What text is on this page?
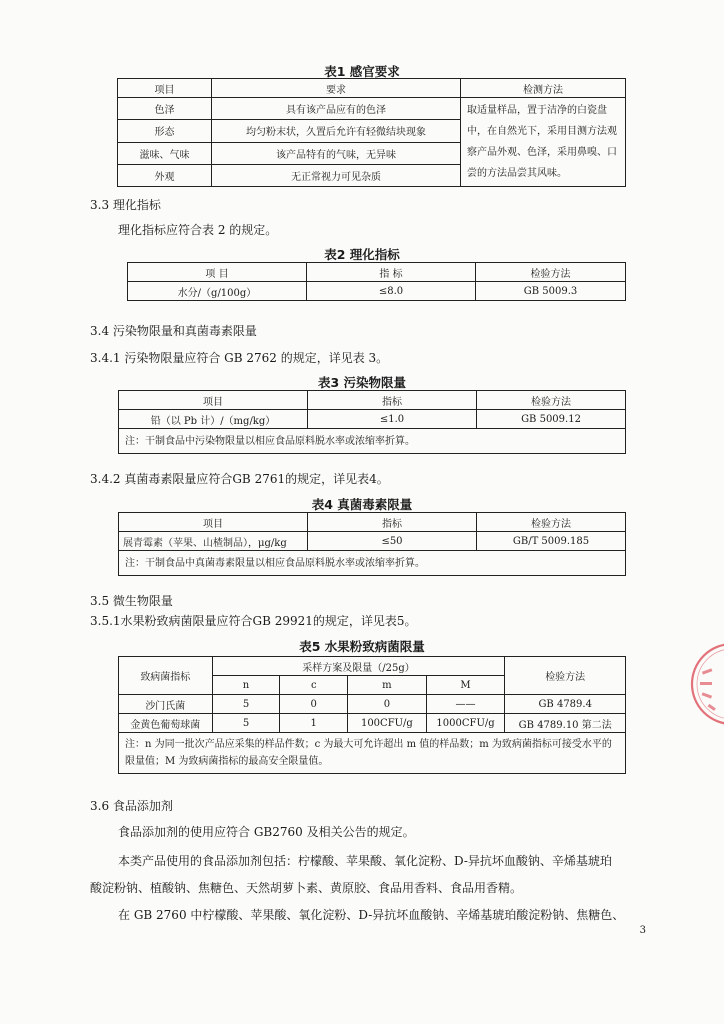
表1 感官要求
项目	要求	检测方法
色泽	具有该产品应有的色泽	取适量样品，置于洁净的白瓷盘中，在自然光下，采用目测方法观察产品外观、色泽，采用鼻嗅、口尝的方法品尝其风味。
形态	均匀粉末状，久置后允许有轻微结块现象	
滋味、气味	该产品特有的气味，无异味	
外观	无正常视力可见杂质	
3.3 理化指标
理化指标应符合表 2 的规定。
表2 理化指标
项 目	指 标	检验方法
水分/（g/100g）	≤8.0	GB 5009.3
3.4 污染物限量和真菌毒素限量
3.4.1 污染物限量应符合 GB 2762 的规定，详见表 3。
表3 污染物限量
项目	指标	检验方法
铅（以 Pb 计）/（mg/kg）	≤1.0	GB 5009.12
注：干制食品中污染物限量以相应食品原料脱水率或浓缩率折算。		
3.4.2 真菌毒素限量应符合GB 2761的规定，详见表4。
表4 真菌毒素限量
项目	指标	检验方法
展青霉素（苹果、山楂制品），μg/kg	≤50	GB/T 5009.185
注：干制食品中真菌毒素限量以相应食品原料脱水率或浓缩率折算。		
3.5 微生物限量
3.5.1水果粉致病菌限量应符合GB 29921的规定，详见表5。
表5 水果粉致病菌限量
致病菌指标	采样方案及限量（/25g）				检验方法
	n	c	m	M	
沙门氏菌	5	0	0	——	GB 4789.4
金黄色葡萄球菌	5	1	100CFU/g	1000CFU/g	GB 4789.10 第二法
注：n 为同一批次产品应采集的样品件数；c 为最大可允许超出 m 值的样品数；m 为致病菌指标可接受水平的限量值；M 为致病菌指标的最高安全限量值。					
3.6 食品添加剂
食品添加剂的使用应符合 GB2760 及相关公告的规定。
本类产品使用的食品添加剂包括：柠檬酸、苹果酸、氧化淀粉、D-异抗坏血酸钠、辛烯基琥珀
酸淀粉钠、植酸钠、焦糖色、天然胡萝卜素、黄原胶、食品用香料、食品用香精。
在 GB 2760 中柠檬酸、苹果酸、氧化淀粉、D-异抗坏血酸钠、辛烯基琥珀酸淀粉钠、焦糖色、
3
